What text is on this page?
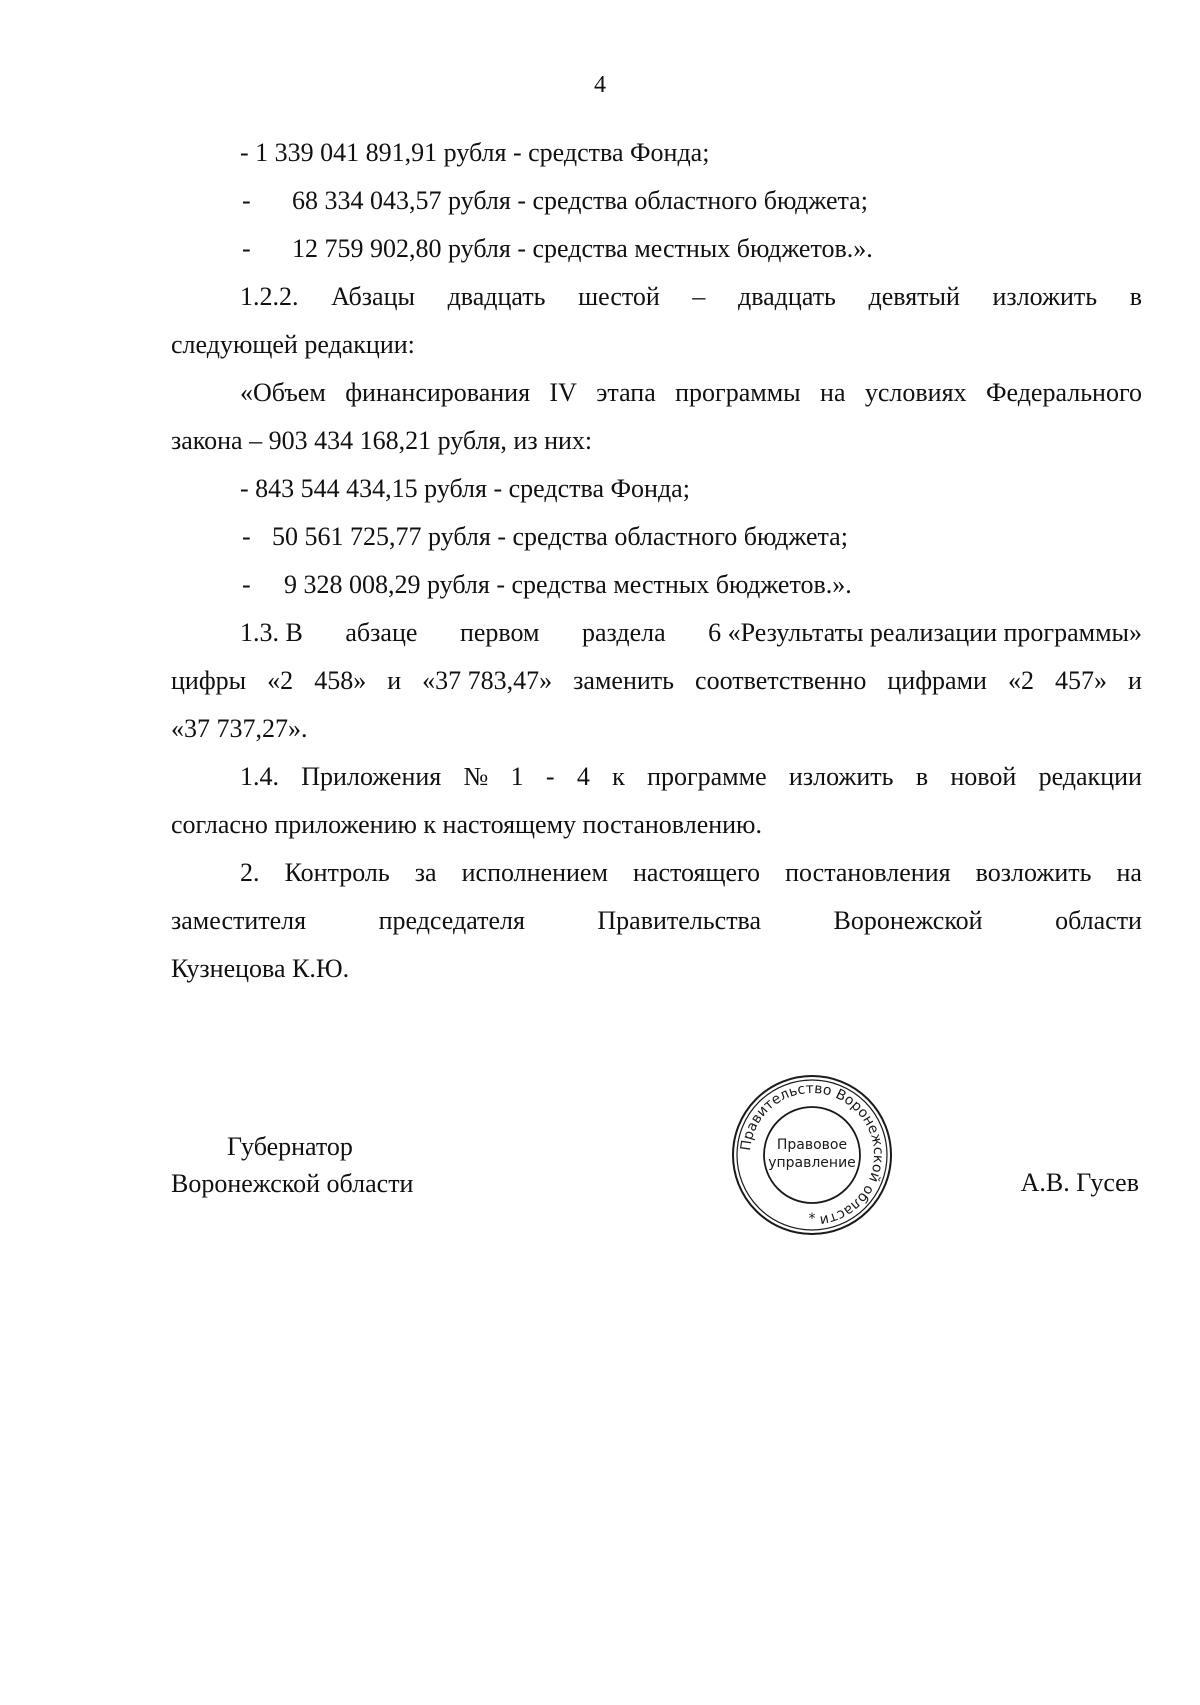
4
- 1 339 041 891,91 рубля - средства Фонда;
- 68 334 043,57 рубля - средства областного бюджета;
- 12 759 902,80 рубля - средства местных бюджетов.».
1.2.2. Абзацы двадцать шестой – двадцать девятый изложить в
следующей редакции:
«Объем финансирования IV этапа программы на условиях Федерального
закона – 903 434 168,21 рубля, из них:
- 843 544 434,15 рубля - средства Фонда;
- 50 561 725,77 рубля - средства областного бюджета;
- 9 328 008,29 рубля - средства местных бюджетов.».
1.3. В абзаце первом раздела 6 «Результаты реализации программы»
цифры «2 458» и «37 783,47» заменить соответственно цифрами «2 457» и
«37 737,27».
1.4. Приложения № 1 - 4 к программе изложить в новой редакции
согласно приложению к настоящему постановлению.
2. Контроль за исполнением настоящего постановления возложить на
заместителя	председателя	Правительства	Воронежской	области
Кузнецова К.Ю.
Губернатор
Воронежской области	А.В. Гусев
Правительство Воронежской области
Правовое
управление
*
